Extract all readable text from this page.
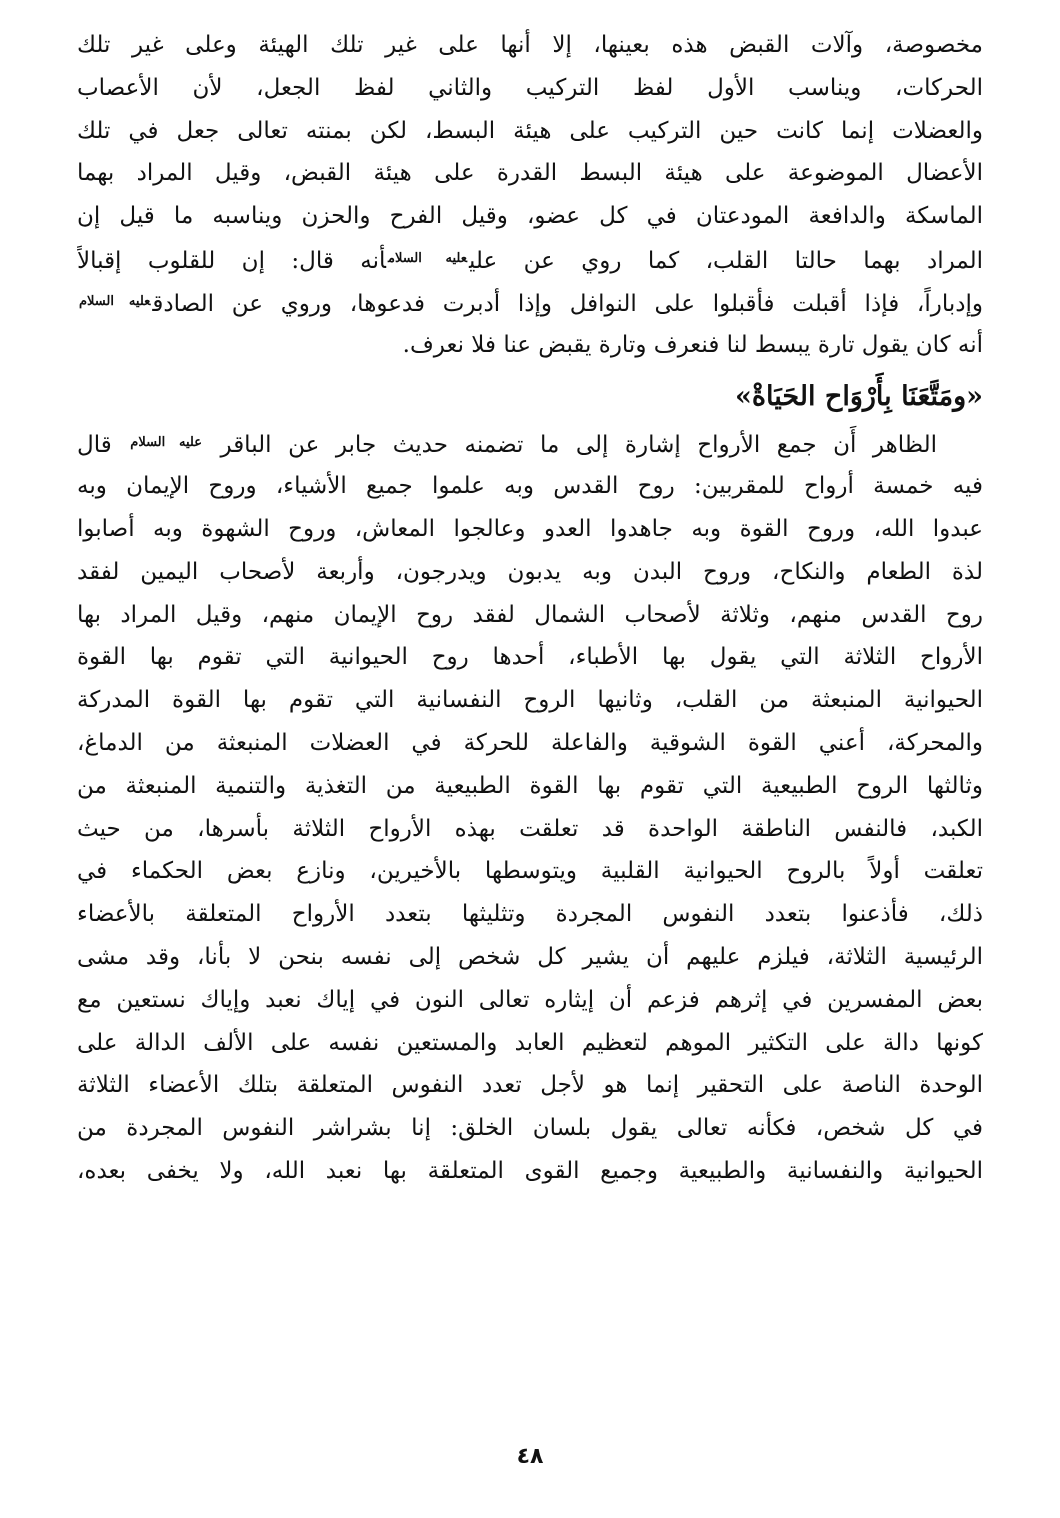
مخصوصة، وآلات القبض هذه بعينها، إلا أنها على غير تلك الهيئة وعلى غير تلك
الحركات، ويناسب الأول لفظ التركيب والثاني لفظ الجعل، لأن الأعصاب
والعضلات إنما كانت حين التركيب على هيئة البسط، لكن بمنته تعالى جعل في تلك
الأعضال الموضوعة على هيئة البسط القدرة على هيئة القبض، وقيل المراد بهما
الماسكة والدافعة المودعتان في كل عضو، وقيل الفرح والحزن ويناسبه ما قيل إن
المراد بهما حالتا القلب، كما روي عن علي$^{عليه السلام}$أنه قال: إن للقلوب إقبالاً
وإدباراً، فإذا أقبلت فأقبلوا على النوافل وإذا أدبرت فدعوها، وروي عن الصادق$^{عليه السلام}$
أنه كان يقول تارة يبسط لنا فنعرف وتارة يقبض عنا فلا نعرف.
«ومَتَّعَنَا بِأَرْوَاح الحَيَاةْ»
الظاهر أَن جمع الأرواح إشارة إلى ما تضمنه حديث جابر عن الباقر $^{عليه السلام}$ قال
فيه خمسة أرواح للمقربين: روح القدس وبه علموا جميع الأشياء، وروح الإيمان وبه
عبدوا الله، وروح القوة وبه جاهدوا العدو وعالجوا المعاش، وروح الشهوة وبه أصابوا
لذة الطعام والنكاح، وروح البدن وبه يدبون ويدرجون، وأربعة لأصحاب اليمين لفقد
روح القدس منهم، وثلاثة لأصحاب الشمال لفقد روح الإيمان منهم، وقيل المراد بها
الأرواح الثلاثة التي يقول بها الأطباء، أحدها روح الحيوانية التي تقوم بها القوة
الحيوانية المنبعثة من القلب، وثانيها الروح النفسانية التي تقوم بها القوة المدركة
والمحركة، أعني القوة الشوقية والفاعلة للحركة في العضلات المنبعثة من الدماغ،
وثالثها الروح الطبيعية التي تقوم بها القوة الطبيعية من التغذية والتنمية المنبعثة من
الكبد، فالنفس الناطقة الواحدة قد تعلقت بهذه الأرواح الثلاثة بأسرها، من حيث
تعلقت أولاً بالروح الحيوانية القلبية ويتوسطها بالأخيرين، ونازع بعض الحكماء في
ذلك، فأذعنوا بتعدد النفوس المجردة وتثليثها بتعدد الأرواح المتعلقة بالأعضاء
الرئيسية الثلاثة، فيلزم عليهم أن يشير كل شخص إلى نفسه بنحن لا بأنا، وقد مشى
بعض المفسرين في إثرهم فزعم أن إيثاره تعالى النون في إياك نعبد وإياك نستعين مع
كونها دالة على التكثير الموهم لتعظيم العابد والمستعين نفسه على الألف الدالة على
الوحدة الناصة على التحقير إنما هو لأجل تعدد النفوس المتعلقة بتلك الأعضاء الثلاثة
في كل شخص، فكأنه تعالى يقول بلسان الخلق: إنا بشراشر النفوس المجردة من
الحيوانية والنفسانية والطبيعية وجميع القوى المتعلقة بها نعبد الله، ولا يخفى بعده،
٤٨
